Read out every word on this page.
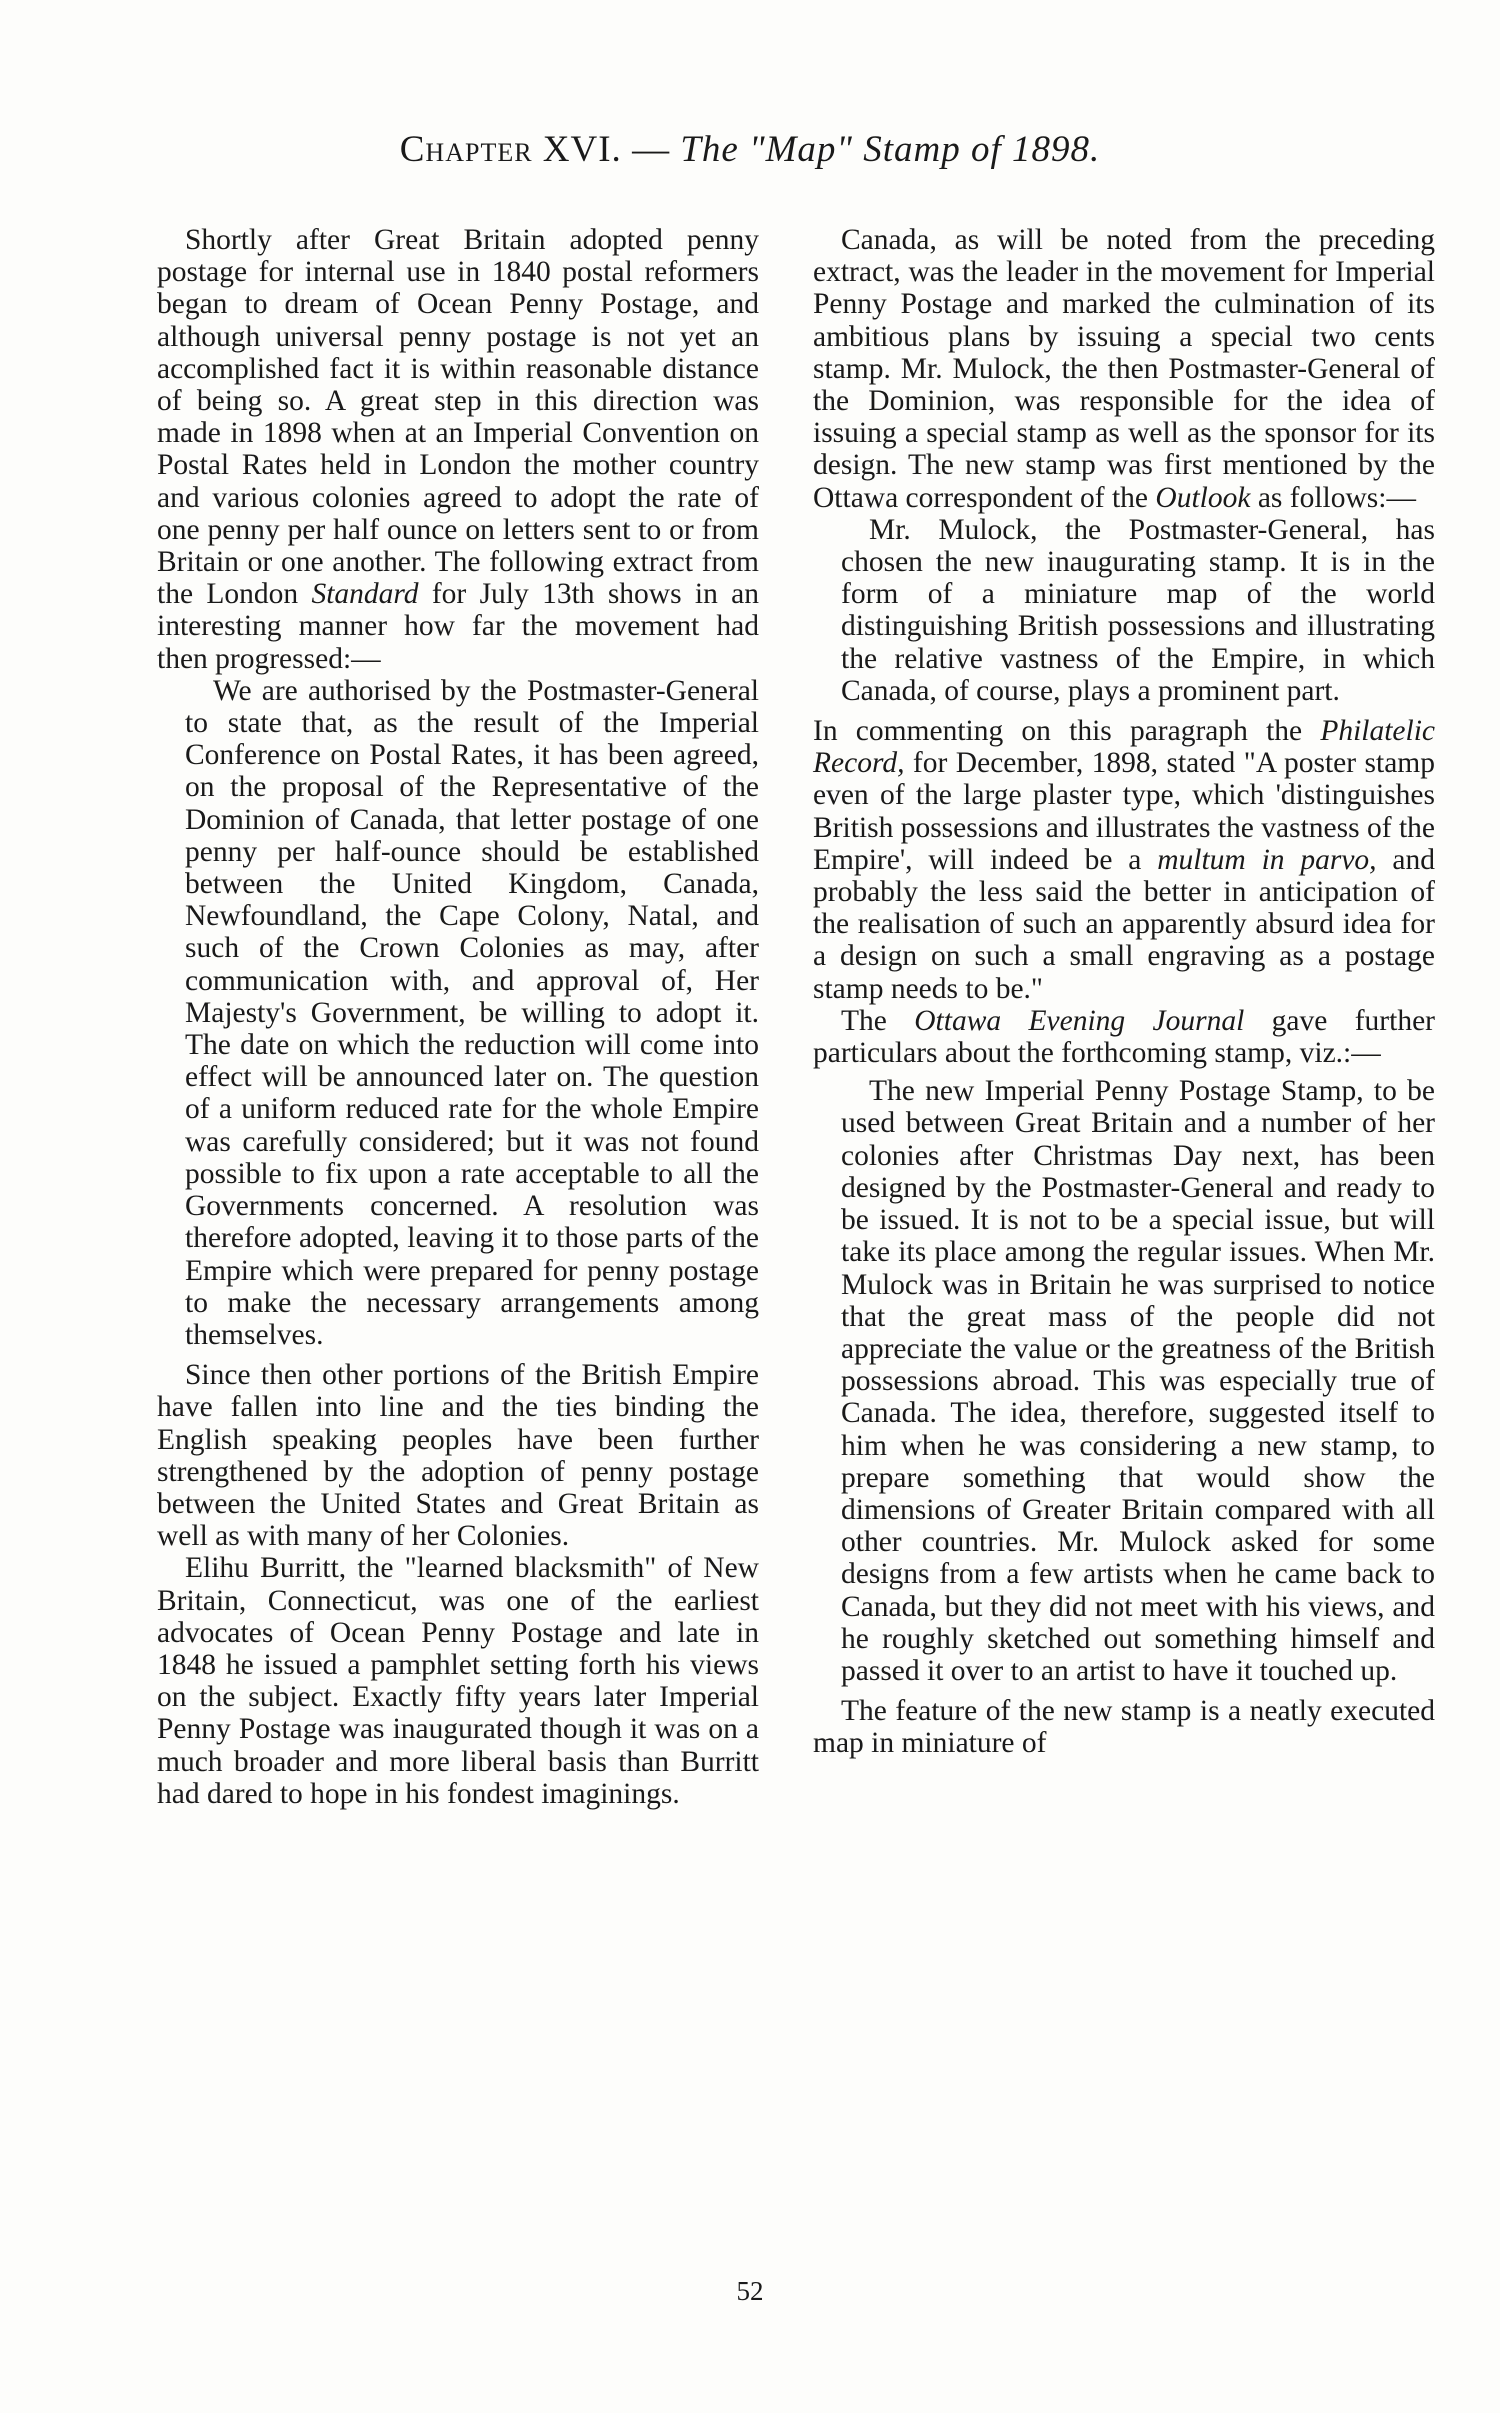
Chapter XVI. — The "Map" Stamp of 1898.

Shortly after Great Britain adopted penny postage for internal use in 1840 postal reformers began to dream of Ocean Penny Postage, and although universal penny postage is not yet an accomplished fact it is within reasonable distance of being so. A great step in this direction was made in 1898 when at an Imperial Convention on Postal Rates held in London the mother country and various colonies agreed to adopt the rate of one penny per half ounce on letters sent to or from Britain or one another. The following extract from the London Standard for July 13th shows in an interesting manner how far the movement had then progressed:—

We are authorised by the Postmaster-General to state that, as the result of the Imperial Conference on Postal Rates, it has been agreed, on the proposal of the Representative of the Dominion of Canada, that letter postage of one penny per half-ounce should be established between the United Kingdom, Canada, Newfoundland, the Cape Colony, Natal, and such of the Crown Colonies as may, after communication with, and approval of, Her Majesty's Government, be willing to adopt it. The date on which the reduction will come into effect will be announced later on. The question of a uniform reduced rate for the whole Empire was carefully considered; but it was not found possible to fix upon a rate acceptable to all the Governments concerned. A resolution was therefore adopted, leaving it to those parts of the Empire which were prepared for penny postage to make the necessary arrangements among themselves.

Since then other portions of the British Empire have fallen into line and the ties binding the English speaking peoples have been further strengthened by the adoption of penny postage between the United States and Great Britain as well as with many of her Colonies.

Elihu Burritt, the "learned blacksmith" of New Britain, Connecticut, was one of the earliest advocates of Ocean Penny Postage and late in 1848 he issued a pamphlet setting forth his views on the subject. Exactly fifty years later Imperial Penny Postage was inaugurated though it was on a much broader and more liberal basis than Burritt had dared to hope in his fondest imaginings.

Canada, as will be noted from the preceding extract, was the leader in the movement for Imperial Penny Postage and marked the culmination of its ambitious plans by issuing a special two cents stamp. Mr. Mulock, the then Postmaster-General of the Dominion, was responsible for the idea of issuing a special stamp as well as the sponsor for its design. The new stamp was first mentioned by the Ottawa correspondent of the Outlook as follows:—

Mr. Mulock, the Postmaster-General, has chosen the new inaugurating stamp. It is in the form of a miniature map of the world distinguishing British possessions and illustrating the relative vastness of the Empire, in which Canada, of course, plays a prominent part.

In commenting on this paragraph the Philatelic Record, for December, 1898, stated "A poster stamp even of the large plaster type, which 'distinguishes British possessions and illustrates the vastness of the Empire', will indeed be a multum in parvo, and probably the less said the better in anticipation of the realisation of such an apparently absurd idea for a design on such a small engraving as a postage stamp needs to be."

The Ottawa Evening Journal gave further particulars about the forthcoming stamp, viz.:—

The new Imperial Penny Postage Stamp, to be used between Great Britain and a number of her colonies after Christmas Day next, has been designed by the Postmaster-General and ready to be issued. It is not to be a special issue, but will take its place among the regular issues. When Mr. Mulock was in Britain he was surprised to notice that the great mass of the people did not appreciate the value or the greatness of the British possessions abroad. This was especially true of Canada. The idea, therefore, suggested itself to him when he was considering a new stamp, to prepare something that would show the dimensions of Greater Britain compared with all other countries. Mr. Mulock asked for some designs from a few artists when he came back to Canada, but they did not meet with his views, and he roughly sketched out something himself and passed it over to an artist to have it touched up.

The feature of the new stamp is a neatly executed map in miniature of

52
